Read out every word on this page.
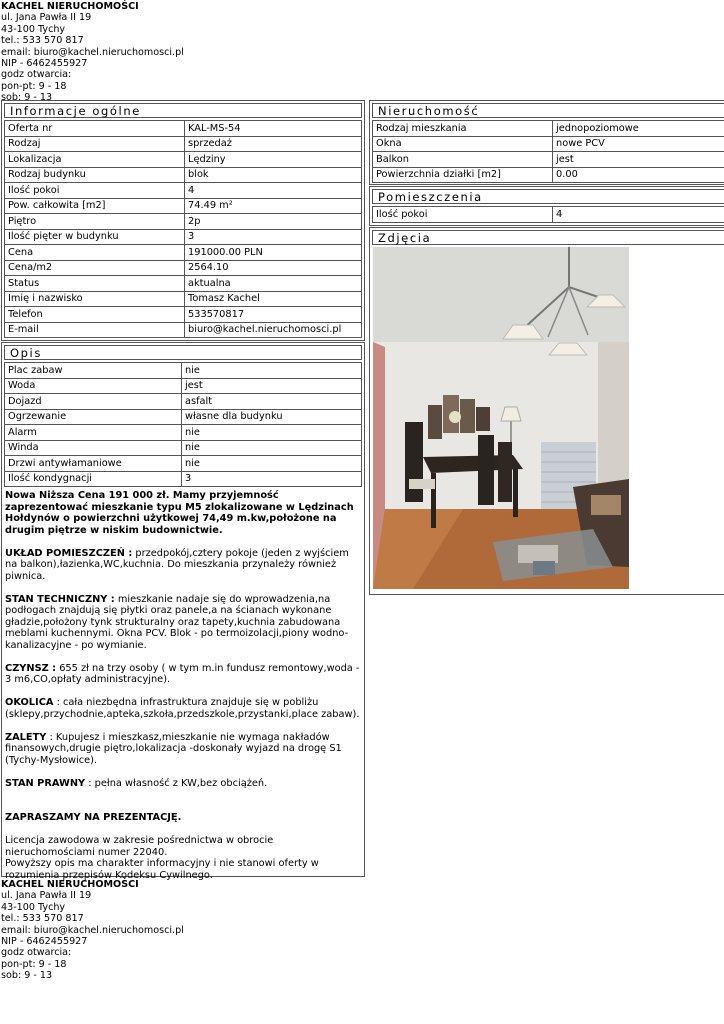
KACHEL NIERUCHOMOŚCI
ul. Jana Pawła II 19
43-100 Tychy
tel.: 533 570 817
email: biuro@kachel.nieruchomosci.pl
NIP - 6462455927
godz otwarcia:
pon-pt: 9 - 18
sob: 9 - 13
Informacje ogólne
Oferta nr	KAL-MS-54
Rodzaj	sprzedaż
Lokalizacja	Lędziny
Rodzaj budynku	blok
Ilość pokoi	4
Pow. całkowita [m2]	74.49 m²
Piętro	2p
Ilość pięter w budynku	3
Cena	191000.00 PLN
Cena/m2	2564.10
Status	aktualna
Imię i nazwisko	Tomasz Kachel
Telefon	533570817
E-mail	biuro@kachel.nieruchomosci.pl
Opis
Plac zabaw	nie
Woda	jest
Dojazd	asfalt
Ogrzewanie	własne dla budynku
Alarm	nie
Winda	nie
Drzwi antywłamaniowe	nie
Ilość kondygnacji	3

Nowa Niższa Cena 191 000 zł. Mamy przyjemność zaprezentować mieszkanie typu M5 zlokalizowane w Lędzinach Hołdynów o powierzchni użytkowej 74,49 m.kw,położone na drugim piętrze w niskim budownictwie.

UKŁAD POMIESZCZEŃ : przedpokój,cztery pokoje (jeden z wyjściem na balkon),łazienka,WC,kuchnia. Do mieszkania przynależy również piwnica.

STAN TECHNICZNY : mieszkanie nadaje się do wprowadzenia,na podłogach znajdują się płytki oraz panele,a na ścianach wykonane gładzie,położony tynk strukturalny oraz tapety,kuchnia zabudowana meblami kuchennymi. Okna PCV. Blok - po termoizolacji,piony wodno-kanalizacyjne - po wymianie.

CZYNSZ : 655 zł na trzy osoby ( w tym m.in fundusz remontowy,woda - 3 m6,CO,opłaty administracyjne).

OKOLICA : cała niezbędna infrastruktura znajduje się w pobliżu (sklepy,przychodnie,apteka,szkoła,przedszkole,przystanki,place zabaw).

ZALETY : Kupujesz i mieszkasz,mieszkanie nie wymaga nakładów finansowych,drugie piętro,lokalizacja -doskonały wyjazd na drogę S1 (Tychy-Mysłowice).

STAN PRAWNY : pełna własność z KW,bez obciążeń.

ZAPRASZAMY NA PREZENTACJĘ.

Licencja zawodowa w zakresie pośrednictwa w obrocie nieruchomościami numer 22040.
Powyższy opis ma charakter informacyjny i nie stanowi oferty w rozumienia przepisów Kodeksu Cywilnego.
Nieruchomość
Rodzaj mieszkania	jednopoziomowe
Okna	nowe PCV
Balkon	jest
Powierzchnia działki [m2]	0.00
Pomieszczenia
Ilość pokoi	4
Zdjęcia
KACHEL NIERUCHOMOŚCI
ul. Jana Pawła II 19
43-100 Tychy
tel.: 533 570 817
email: biuro@kachel.nieruchomosci.pl
NIP - 6462455927
godz otwarcia:
pon-pt: 9 - 18
sob: 9 - 13
